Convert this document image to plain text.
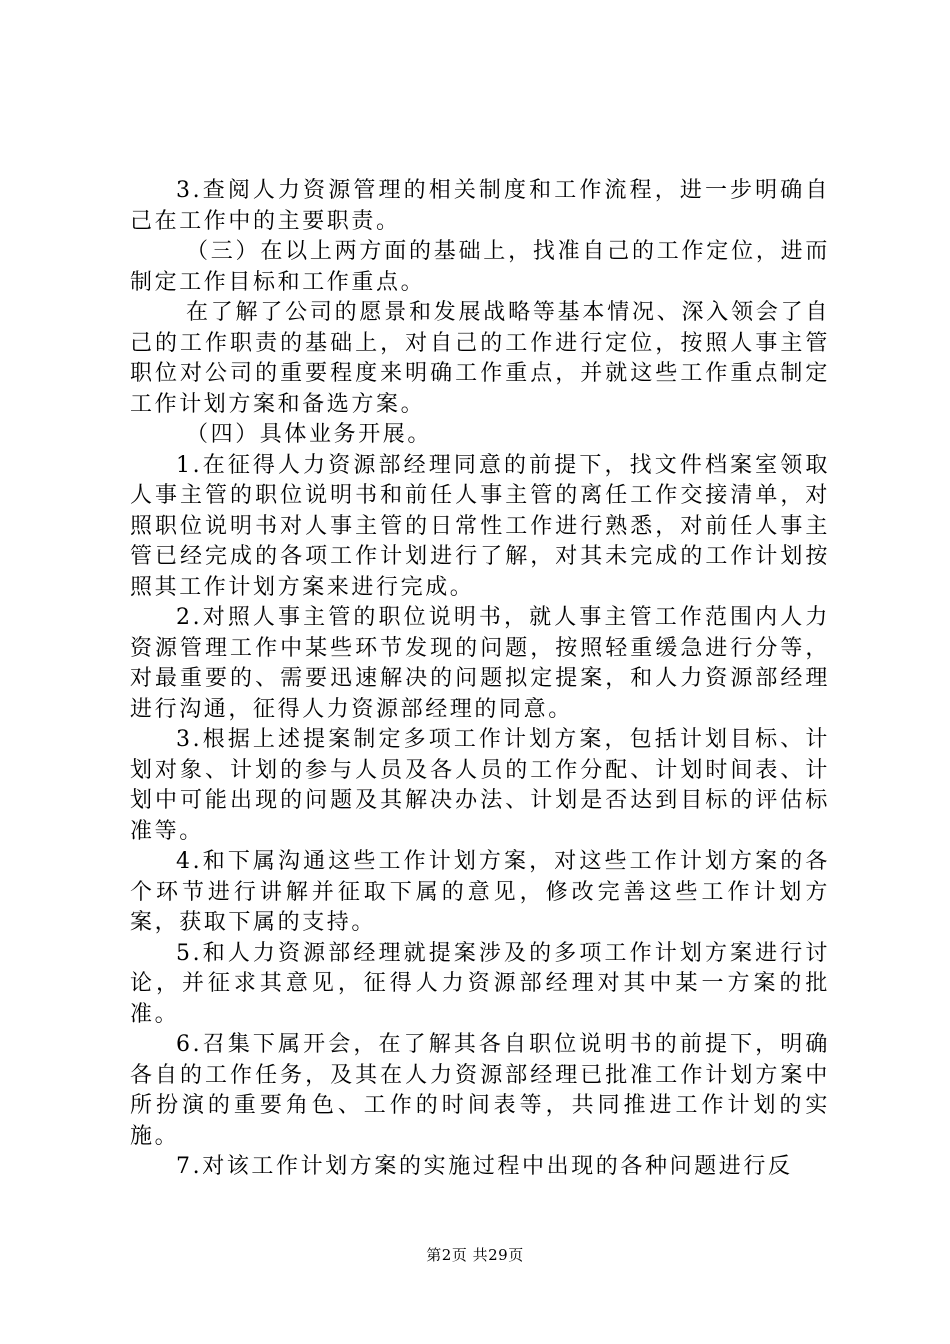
3.查阅人力资源管理的相关制度和工作流程，进一步明确自己在工作中的主要职责。

（三）在以上两方面的基础上，找准自己的工作定位，进而制定工作目标和工作重点。

在了解了公司的愿景和发展战略等基本情况、深入领会了自己的工作职责的基础上，对自己的工作进行定位，按照人事主管职位对公司的重要程度来明确工作重点，并就这些工作重点制定工作计划方案和备选方案。

（四）具体业务开展。

1.在征得人力资源部经理同意的前提下，找文件档案室领取人事主管的职位说明书和前任人事主管的离任工作交接清单，对照职位说明书对人事主管的日常性工作进行熟悉，对前任人事主管已经完成的各项工作计划进行了解，对其未完成的工作计划按照其工作计划方案来进行完成。

2.对照人事主管的职位说明书，就人事主管工作范围内人力资源管理工作中某些环节发现的问题，按照轻重缓急进行分等，对最重要的、需要迅速解决的问题拟定提案，和人力资源部经理进行沟通，征得人力资源部经理的同意。

3.根据上述提案制定多项工作计划方案，包括计划目标、计划对象、计划的参与人员及各人员的工作分配、计划时间表、计划中可能出现的问题及其解决办法、计划是否达到目标的评估标准等。

4.和下属沟通这些工作计划方案，对这些工作计划方案的各个环节进行讲解并征取下属的意见，修改完善这些工作计划方案，获取下属的支持。

5.和人力资源部经理就提案涉及的多项工作计划方案进行讨论，并征求其意见，征得人力资源部经理对其中某一方案的批准。

6.召集下属开会，在了解其各自职位说明书的前提下，明确各自的工作任务，及其在人力资源部经理已批准工作计划方案中所扮演的重要角色、工作的时间表等，共同推进工作计划的实施。

7.对该工作计划方案的实施过程中出现的各种问题进行反

第2页 共29页
